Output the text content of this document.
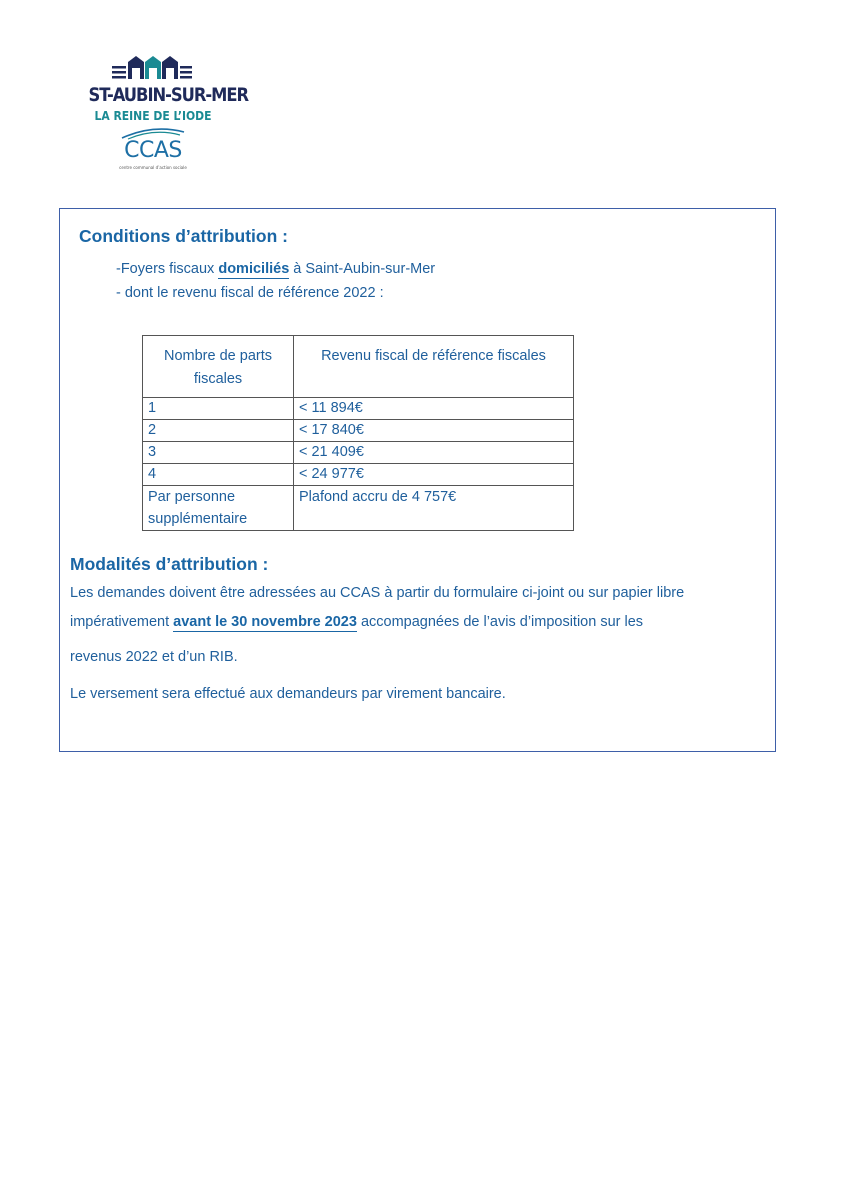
ST-AUBIN-SUR-MER
LA REINE DE L’IODE
CCAS
centre communal d’action sociale
Conditions d’attribution :
-Foyers fiscaux domiciliés à Saint-Aubin-sur-Mer
- dont le revenu fiscal de référence 2022 :
Nombre de parts fiscales	Revenu fiscal de référence fiscales
1	< 11 894€
2	< 17 840€
3	< 21 409€
4	< 24 977€
Par personne supplémentaire	Plafond accru de 4 757€
Modalités d’attribution :
Les demandes doivent être adressées au CCAS à partir du formulaire ci-joint ou sur papier libre
impérativement avant le 30 novembre 2023 accompagnées de l’avis d’imposition sur les
revenus 2022 et d’un RIB.
Le versement sera effectué aux demandeurs par virement bancaire.
